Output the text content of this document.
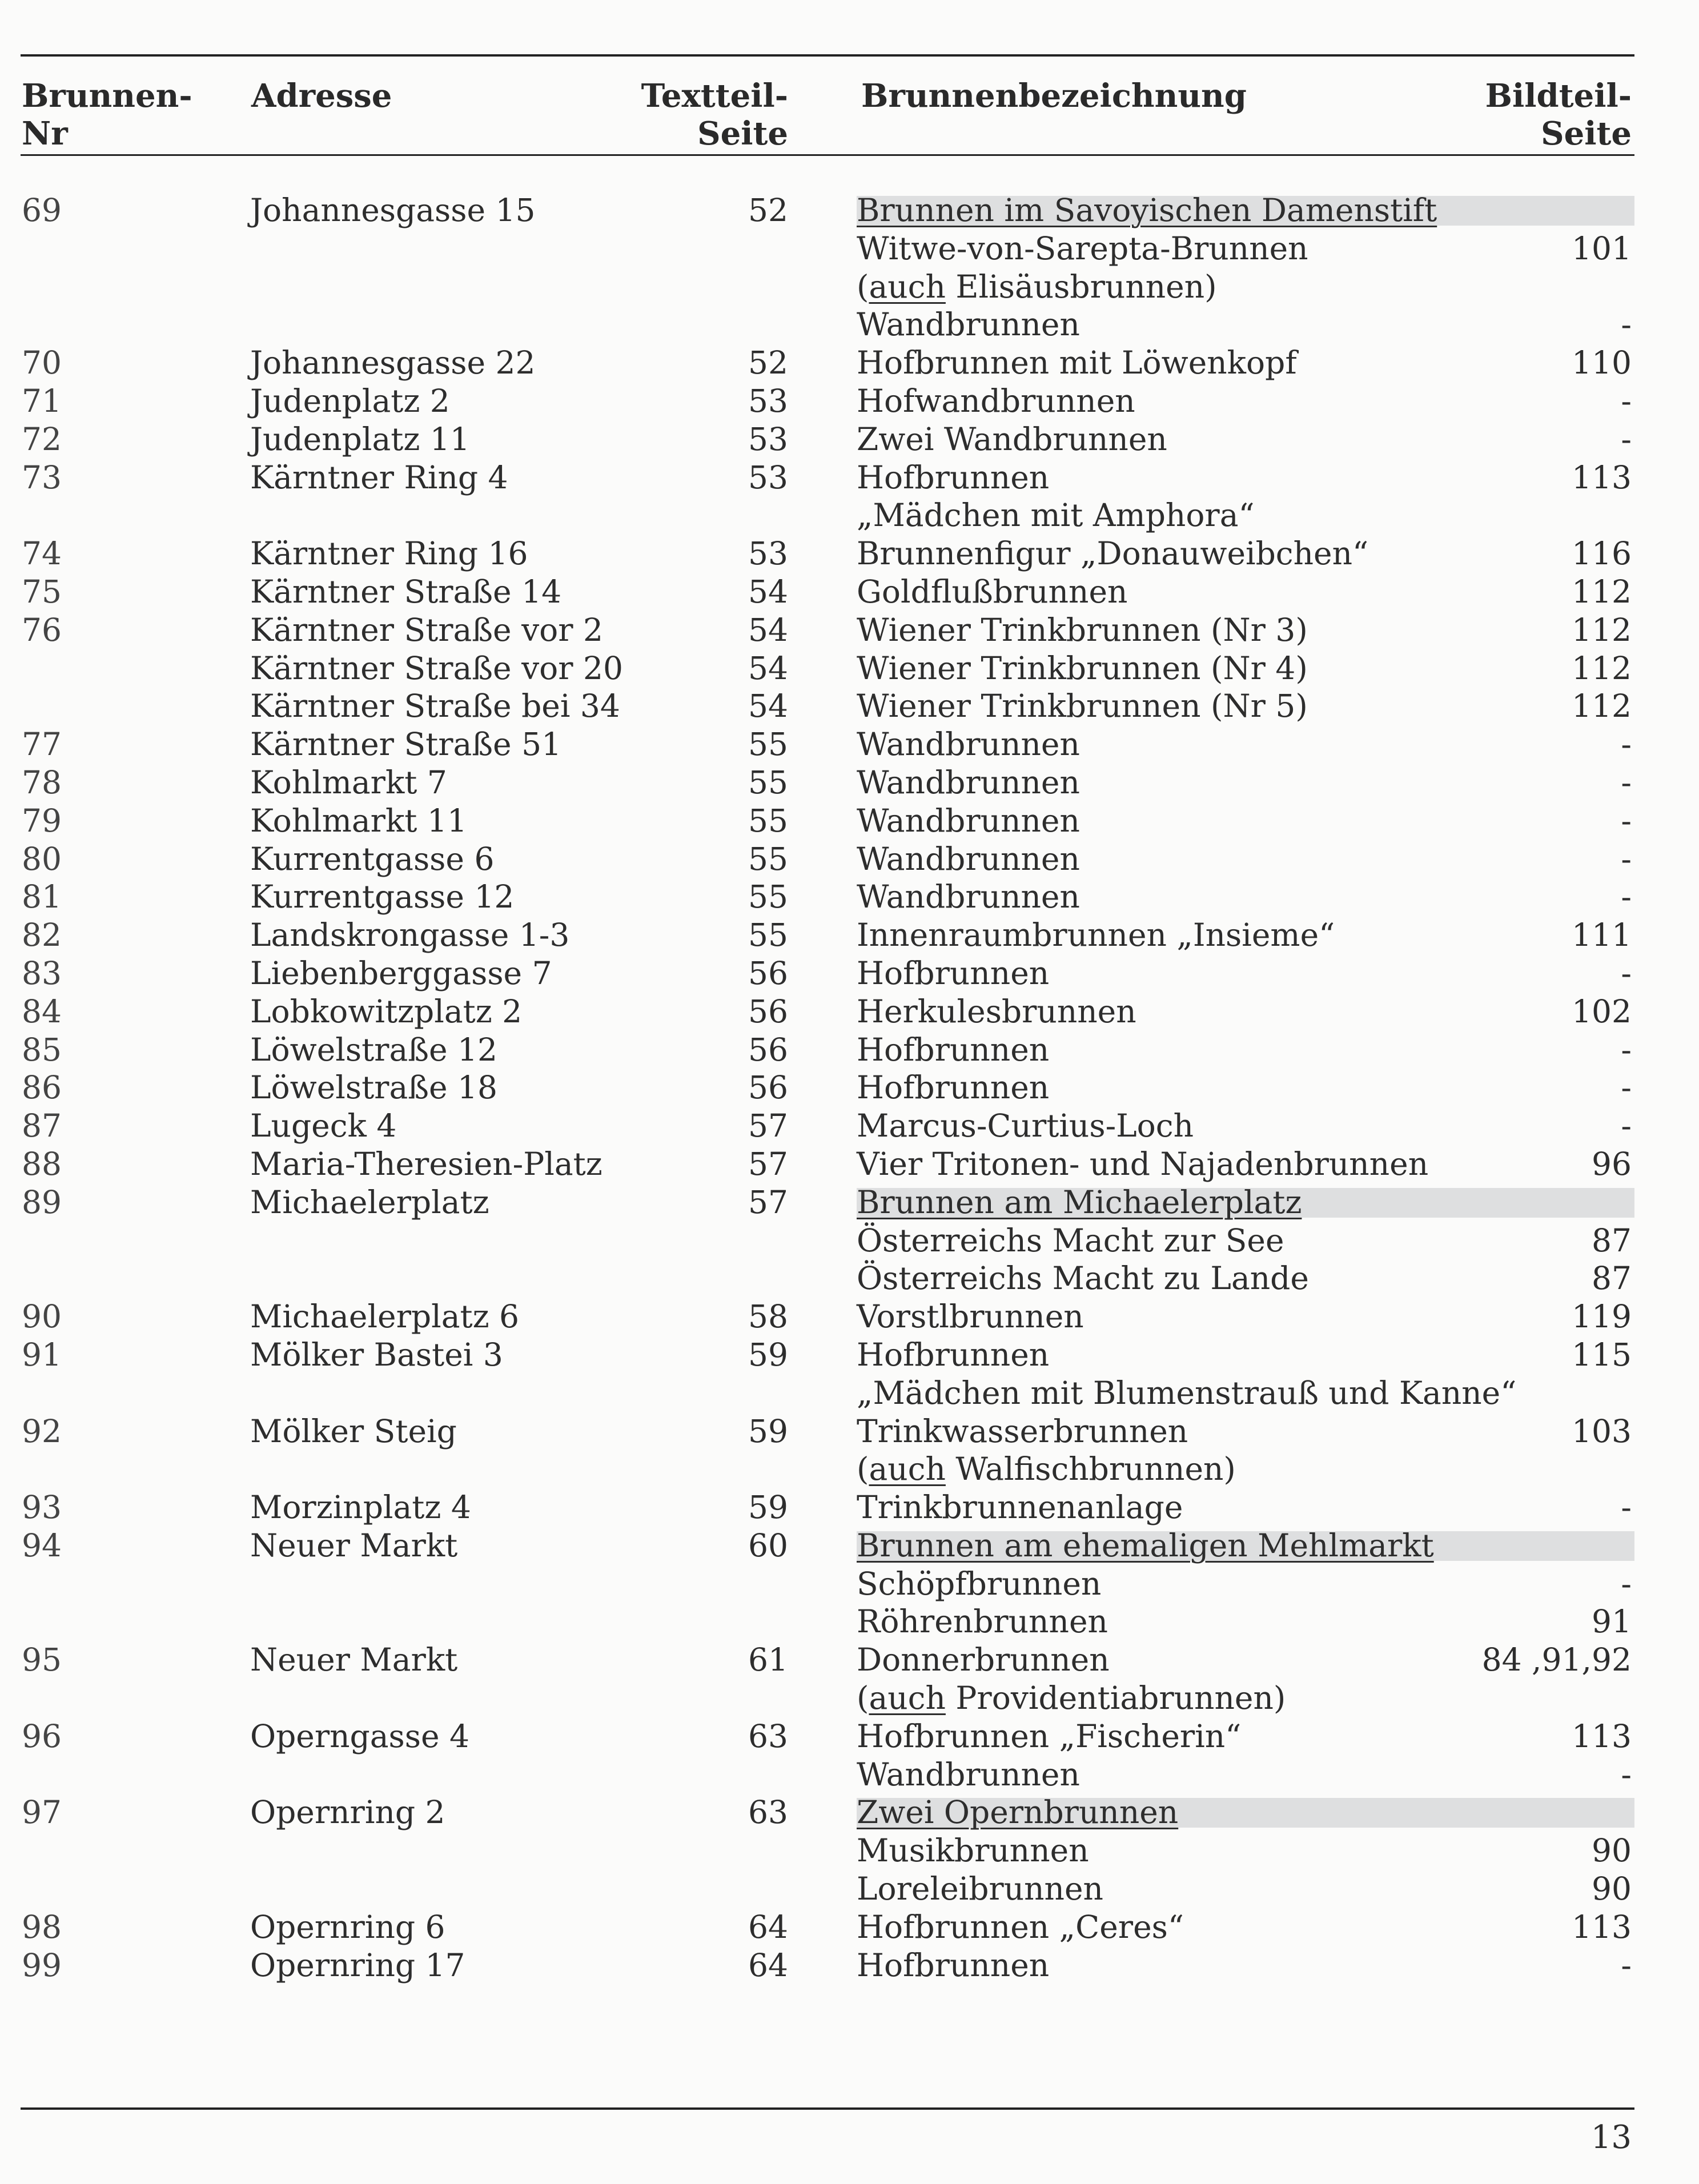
Brunnen-
Nr
Adresse	Textteil-
Seite
Brunnenbezeichnung	Bildteil-
Seite
69	Johannesgasse 15	52 Brunnen im Savoyischen Damenstift
Witwe-von-Sarepta-Brunnen	101
(auch Elisäusbrunnen)
Wandbrunnen	-
70	Johannesgasse 22	52 Hofbrunnen mit Löwenkopf	110
71	Judenplatz 2	53 Hofwandbrunnen	-
72	Judenplatz 11	53 Zwei Wandbrunnen	-
73	Kärntner Ring 4	53 Hofbrunnen	113
„Mädchen mit Amphora“
74	Kärntner Ring 16	53 Brunnenfigur „Donauweibchen“	116
75	Kärntner Straße 14	54 Goldflußbrunnen	112
76	Kärntner Straße vor 2	54 Wiener Trinkbrunnen (Nr 3)	112
Kärntner Straße vor 20	54 Wiener Trinkbrunnen (Nr 4)	112
Kärntner Straße bei 34	54 Wiener Trinkbrunnen (Nr 5)	112
77	Kärntner Straße 51	55 Wandbrunnen	-
78	Kohlmarkt 7	55 Wandbrunnen	-
79	Kohlmarkt 11	55 Wandbrunnen	-
80	Kurrentgasse 6	55 Wandbrunnen	-
81	Kurrentgasse 12	55 Wandbrunnen	-
82	Landskrongasse 1-3	55 Innenraumbrunnen „Insieme“	111
83	Liebenberggasse 7	56 Hofbrunnen	-
84	Lobkowitzplatz 2	56 Herkulesbrunnen	102
85	Löwelstraße 12	56 Hofbrunnen	-
86	Löwelstraße 18	56 Hofbrunnen	-
87	Lugeck 4	57 Marcus-Curtius-Loch	-
88	Maria-Theresien-Platz	57 Vier Tritonen- und Najadenbrunnen	96
89	Michaelerplatz	57 Brunnen am Michaelerplatz
Österreichs Macht zur See	87
Österreichs Macht zu Lande	87
90	Michaelerplatz 6	58 Vorstlbrunnen	119
91	Mölker Bastei 3	59 Hofbrunnen	115
„Mädchen mit Blumenstrauß und Kanne“
92	Mölker Steig	59 Trinkwasserbrunnen	103
(auch Walfischbrunnen)
93	Morzinplatz 4	59 Trinkbrunnenanlage	-
94	Neuer Markt	60 Brunnen am ehemaligen Mehlmarkt
Schöpfbrunnen	-
Röhrenbrunnen	91
95	Neuer Markt	61 Donnerbrunnen	84 ,91,92
(auch Providentiabrunnen)
96	Operngasse 4	63 Hofbrunnen „Fischerin“	113
Wandbrunnen	-
97	Opernring 2	63 Zwei Opernbrunnen
Musikbrunnen	90
Loreleibrunnen	90
98	Opernring 6	64 Hofbrunnen „Ceres“	113
99	Opernring 17	64 Hofbrunnen	-
13
